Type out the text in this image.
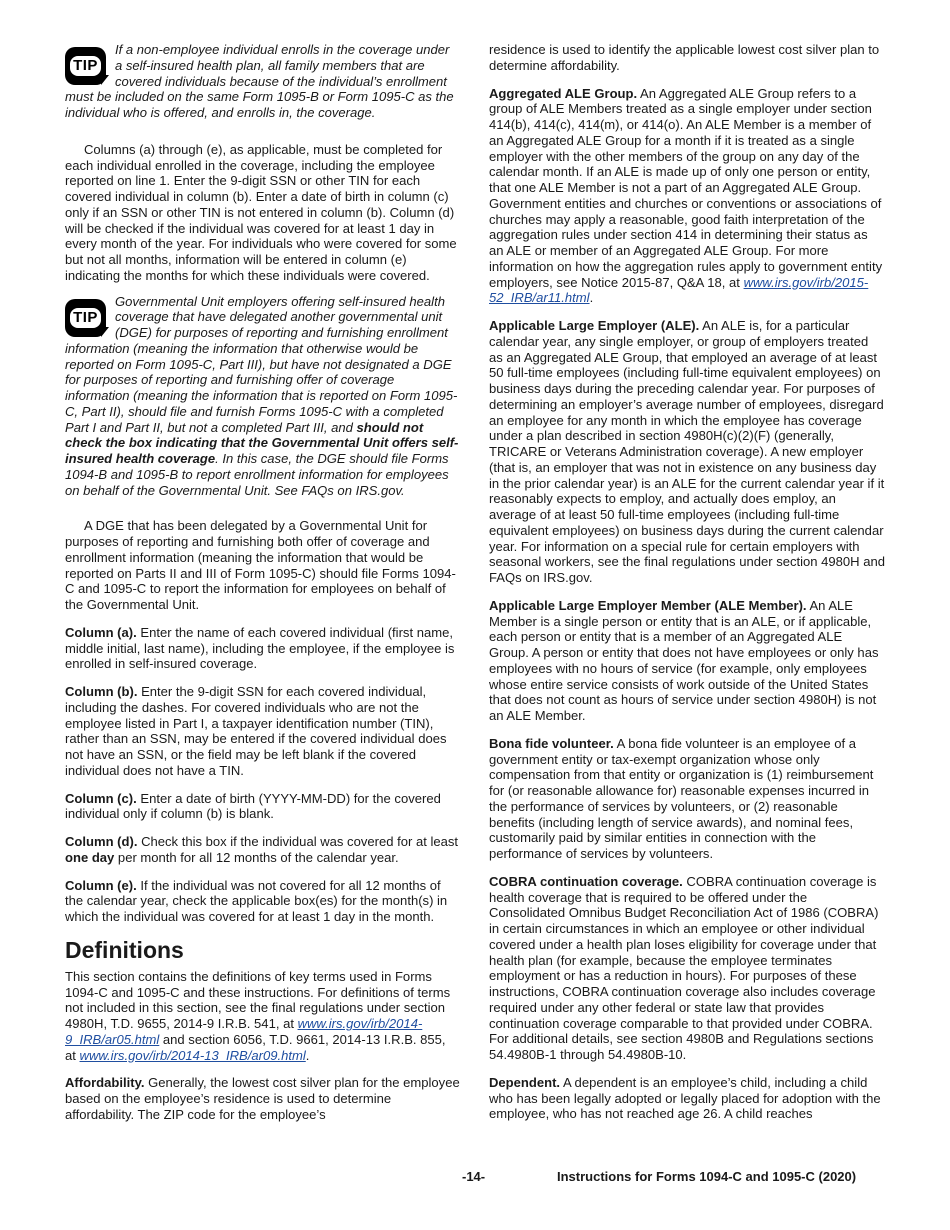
TIP
If a non-employee individual enrolls in the coverage under a self-insured health plan, all family members that are covered individuals because of the individual’s enrollment must be included on the same Form 1095-B or Form 1095-C as the individual who is offered, and enrolls in, the coverage.

Columns (a) through (e), as applicable, must be completed for each individual enrolled in the coverage, including the employee reported on line 1. Enter the 9-digit SSN or other TIN for each covered individual in column (b). Enter a date of birth in column (c) only if an SSN or other TIN is not entered in column (b). Column (d) will be checked if the individual was covered for at least 1 day in every month of the year. For individuals who were covered for some but not all months, information will be entered in column (e) indicating the months for which these individuals were covered.

TIP
Governmental Unit employers offering self-insured health coverage that have delegated another governmental unit (DGE) for purposes of reporting and furnishing enrollment information (meaning the information that otherwise would be reported on Form 1095-C, Part III), but have not designated a DGE for purposes of reporting and furnishing offer of coverage information (meaning the information that is reported on Form 1095-C, Part II), should file and furnish Forms 1095-C with a completed Part I and Part II, but not a completed Part III, and should not check the box indicating that the Governmental Unit offers self-insured health coverage. In this case, the DGE should file Forms 1094-B and 1095-B to report enrollment information for employees on behalf of the Governmental Unit. See FAQs on IRS.gov.

A DGE that has been delegated by a Governmental Unit for purposes of reporting and furnishing both offer of coverage and enrollment information (meaning the information that would be reported on Parts II and III of Form 1095-C) should file Forms 1094-C and 1095-C to report the information for employees on behalf of the Governmental Unit.

Column (a). Enter the name of each covered individual (first name, middle initial, last name), including the employee, if the employee is enrolled in self-insured coverage.

Column (b). Enter the 9-digit SSN for each covered individual, including the dashes. For covered individuals who are not the employee listed in Part I, a taxpayer identification number (TIN), rather than an SSN, may be entered if the covered individual does not have an SSN, or the field may be left blank if the covered individual does not have a TIN.

Column (c). Enter a date of birth (YYYY-MM-DD) for the covered individual only if column (b) is blank.

Column (d). Check this box if the individual was covered for at least one day per month for all 12 months of the calendar year.

Column (e). If the individual was not covered for all 12 months of the calendar year, check the applicable box(es) for the month(s) in which the individual was covered for at least 1 day in the month.

Definitions

This section contains the definitions of key terms used in Forms 1094-C and 1095-C and these instructions. For definitions of terms not included in this section, see the final regulations under section 4980H, T.D. 9655, 2014-9 I.R.B. 541, at www.irs.gov/irb/2014-9_IRB/ar05.html and section 6056, T.D. 9661, 2014-13 I.R.B. 855, at www.irs.gov/irb/2014-13_IRB/ar09.html.

Affordability. Generally, the lowest cost silver plan for the employee based on the employee’s residence is used to determine affordability. The ZIP code for the employee’s

residence is used to identify the applicable lowest cost silver plan to determine affordability.

Aggregated ALE Group. An Aggregated ALE Group refers to a group of ALE Members treated as a single employer under section 414(b), 414(c), 414(m), or 414(o). An ALE Member is a member of an Aggregated ALE Group for a month if it is treated as a single employer with the other members of the group on any day of the calendar month. If an ALE is made up of only one person or entity, that one ALE Member is not a part of an Aggregated ALE Group. Government entities and churches or conventions or associations of churches may apply a reasonable, good faith interpretation of the aggregation rules under section 414 in determining their status as an ALE or member of an Aggregated ALE Group. For more information on how the aggregation rules apply to government entity employers, see Notice 2015-87, Q&A 18, at www.irs.gov/irb/2015-52_IRB/ar11.html.

Applicable Large Employer (ALE). An ALE is, for a particular calendar year, any single employer, or group of employers treated as an Aggregated ALE Group, that employed an average of at least 50 full-time employees (including full-time equivalent employees) on business days during the preceding calendar year. For purposes of determining an employer’s average number of employees, disregard an employee for any month in which the employee has coverage under a plan described in section 4980H(c)(2)(F) (generally, TRICARE or Veterans Administration coverage). A new employer (that is, an employer that was not in existence on any business day in the prior calendar year) is an ALE for the current calendar year if it reasonably expects to employ, and actually does employ, an average of at least 50 full-time employees (including full-time equivalent employees) on business days during the current calendar year. For information on a special rule for certain employers with seasonal workers, see the final regulations under section 4980H and FAQs on IRS.gov.

Applicable Large Employer Member (ALE Member). An ALE Member is a single person or entity that is an ALE, or if applicable, each person or entity that is a member of an Aggregated ALE Group. A person or entity that does not have employees or only has employees with no hours of service (for example, only employees whose entire service consists of work outside of the United States that does not count as hours of service under section 4980H) is not an ALE Member.

Bona fide volunteer. A bona fide volunteer is an employee of a government entity or tax-exempt organization whose only compensation from that entity or organization is (1) reimbursement for (or reasonable allowance for) reasonable expenses incurred in the performance of services by volunteers, or (2) reasonable benefits (including length of service awards), and nominal fees, customarily paid by similar entities in connection with the performance of services by volunteers.

COBRA continuation coverage. COBRA continuation coverage is health coverage that is required to be offered under the Consolidated Omnibus Budget Reconciliation Act of 1986 (COBRA) in certain circumstances in which an employee or other individual covered under a health plan loses eligibility for coverage under that health plan (for example, because the employee terminates employment or has a reduction in hours). For purposes of these instructions, COBRA continuation coverage also includes coverage required under any other federal or state law that provides continuation coverage comparable to that provided under COBRA. For additional details, see section 4980B and Regulations sections 54.4980B-1 through 54.4980B-10.

Dependent. A dependent is an employee’s child, including a child who has been legally adopted or legally placed for adoption with the employee, who has not reached age 26. A child reaches

-14-	Instructions for Forms 1094-C and 1095-C (2020)
